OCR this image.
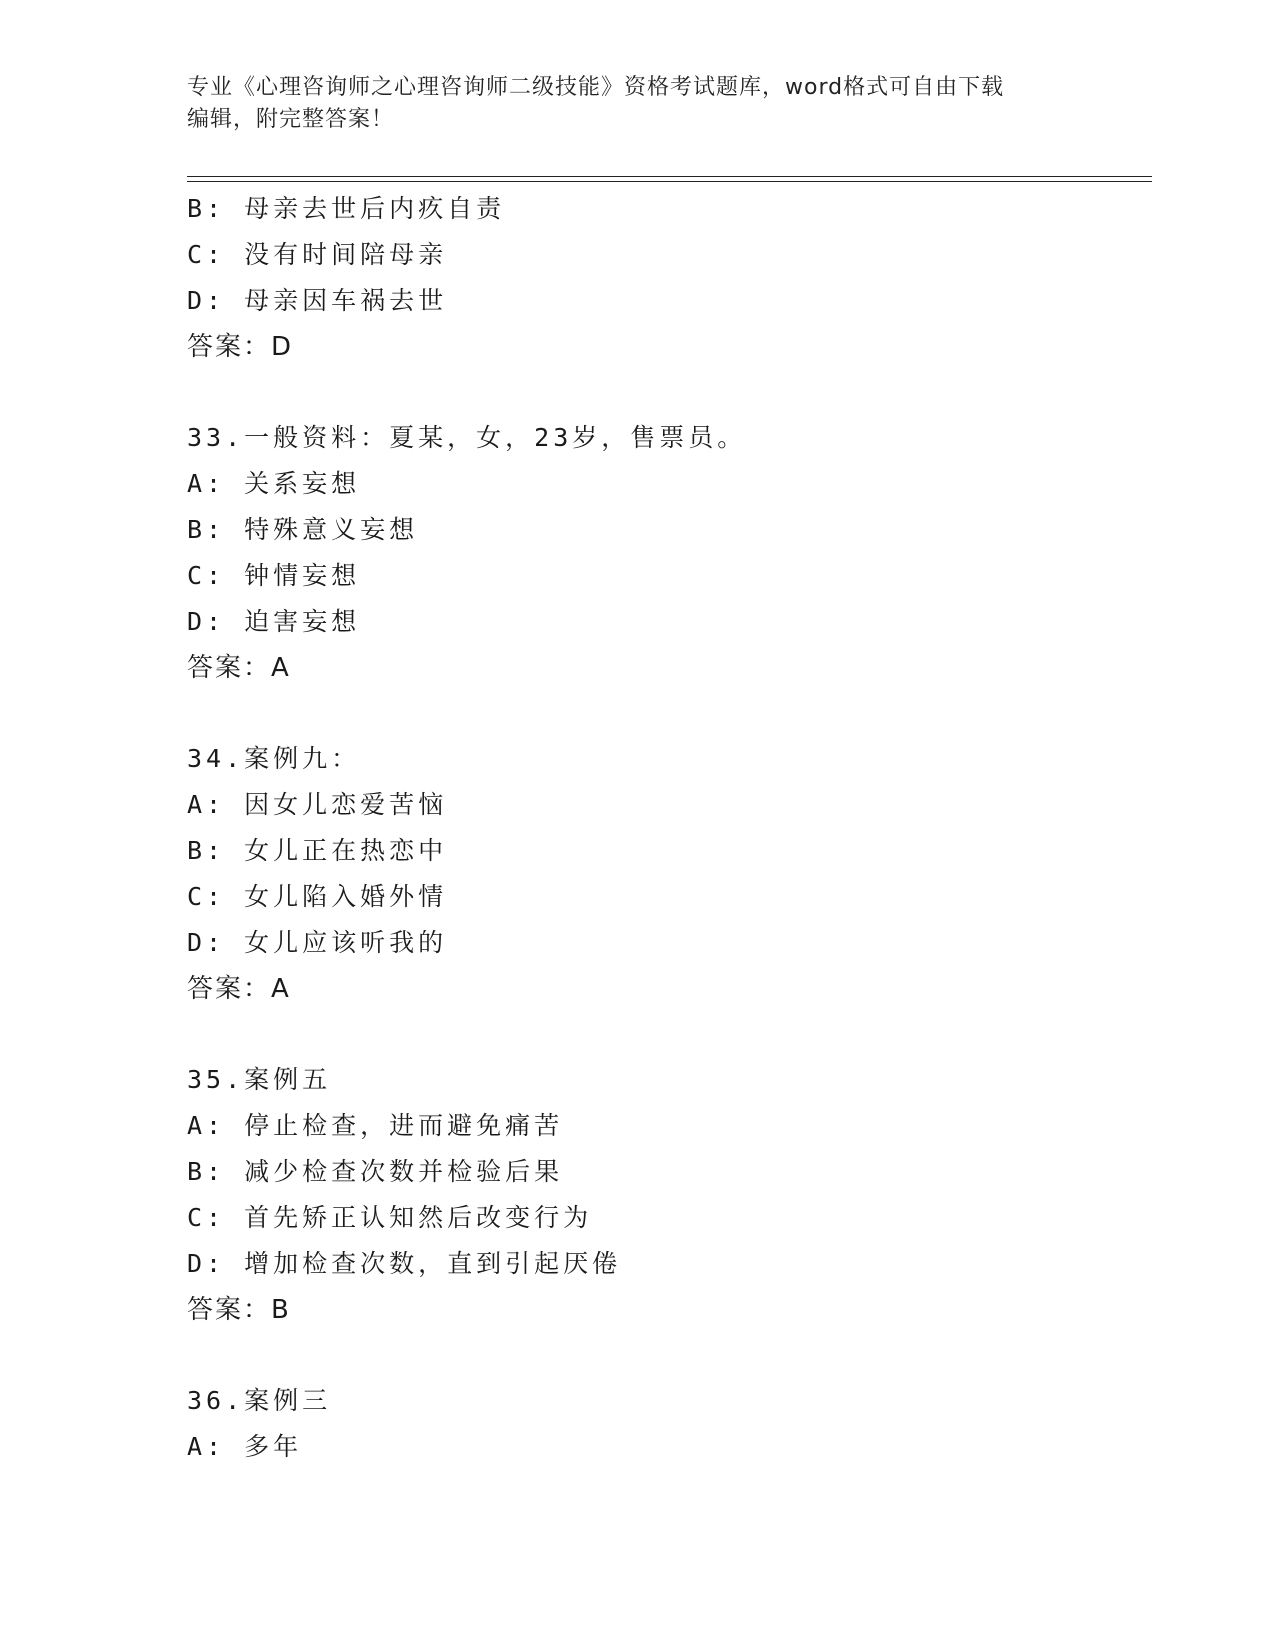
专业《心理咨询师之心理咨询师二级技能》资格考试题库，word格式可自由下载
编辑，附完整答案！
B: 母亲去世后内疚自责
C: 没有时间陪母亲
D: 母亲因车祸去世
答案：D
33.一般资料：夏某，女，23岁，售票员。
A: 关系妄想
B: 特殊意义妄想
C: 钟情妄想
D: 迫害妄想
答案：A
34.案例九：
A: 因女儿恋爱苦恼
B: 女儿正在热恋中
C: 女儿陷入婚外情
D: 女儿应该听我的
答案：A
35.案例五
A: 停止检查，进而避免痛苦
B: 减少检查次数并检验后果
C: 首先矫正认知然后改变行为
D: 增加检查次数，直到引起厌倦
答案：B
36.案例三
A: 多年
